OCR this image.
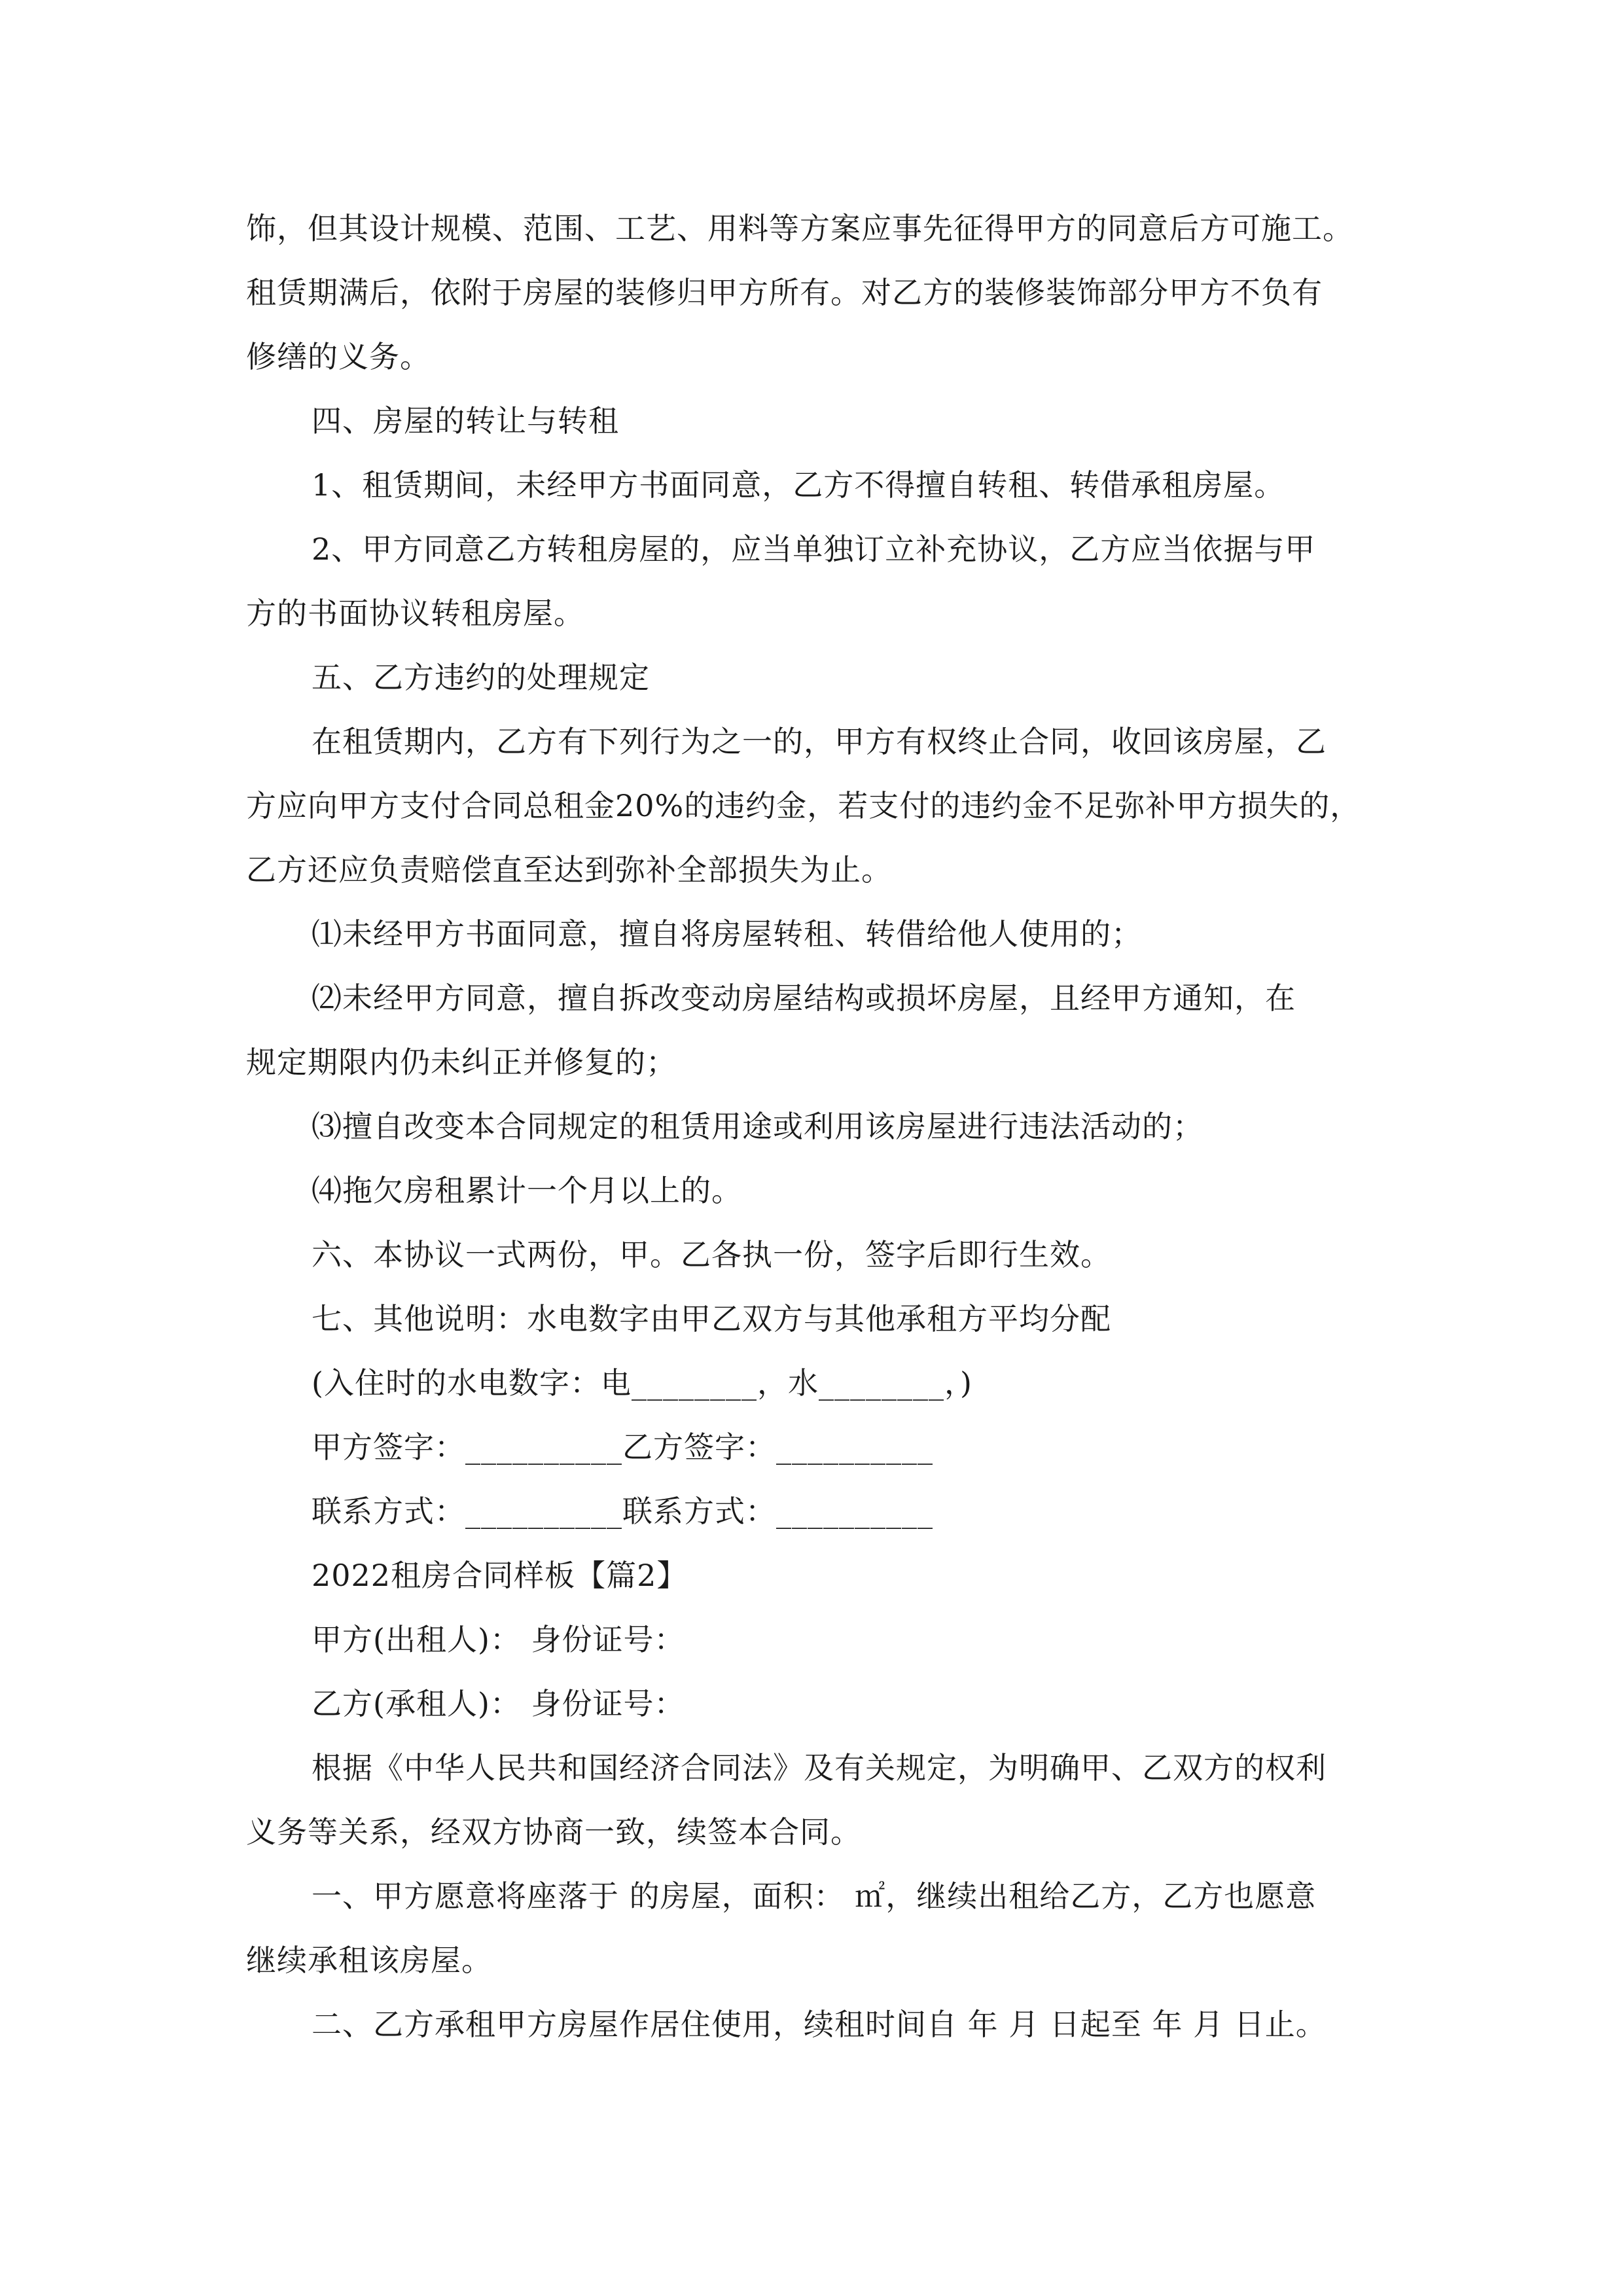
饰，但其设计规模、范围、工艺、用料等方案应事先征得甲方的同意后方可施工。
租赁期满后，依附于房屋的装修归甲方所有。对乙方的装修装饰部分甲方不负有
修缮的义务。
四、房屋的转让与转租
1、租赁期间，未经甲方书面同意，乙方不得擅自转租、转借承租房屋。
2、甲方同意乙方转租房屋的，应当单独订立补充协议，乙方应当依据与甲
方的书面协议转租房屋。
五、乙方违约的处理规定
在租赁期内，乙方有下列行为之一的，甲方有权终止合同，收回该房屋，乙
方应向甲方支付合同总租金20%的违约金，若支付的违约金不足弥补甲方损失的，
乙方还应负责赔偿直至达到弥补全部损失为止。
⑴未经甲方书面同意，擅自将房屋转租、转借给他人使用的；
⑵未经甲方同意，擅自拆改变动房屋结构或损坏房屋，且经甲方通知，在
规定期限内仍未纠正并修复的；
⑶擅自改变本合同规定的租赁用途或利用该房屋进行违法活动的；
⑷拖欠房租累计一个月以上的。
六、本协议一式两份，甲。乙各执一份，签字后即行生效。
七、其他说明：水电数字由甲乙双方与其他承租方平均分配
(入住时的水电数字：电________，水________，)
甲方签字：__________乙方签字：__________
联系方式：__________联系方式：__________
2022租房合同样板【篇2】
甲方(出租人)： 身份证号：
乙方(承租人)： 身份证号：
根据《中华人民共和国经济合同法》及有关规定，为明确甲、乙双方的权利
义务等关系，经双方协商一致，续签本合同。
一、甲方愿意将座落于 的房屋，面积： ㎡，继续出租给乙方，乙方也愿意
继续承租该房屋。
二、乙方承租甲方房屋作居住使用，续租时间自 年 月 日起至 年 月 日止。
